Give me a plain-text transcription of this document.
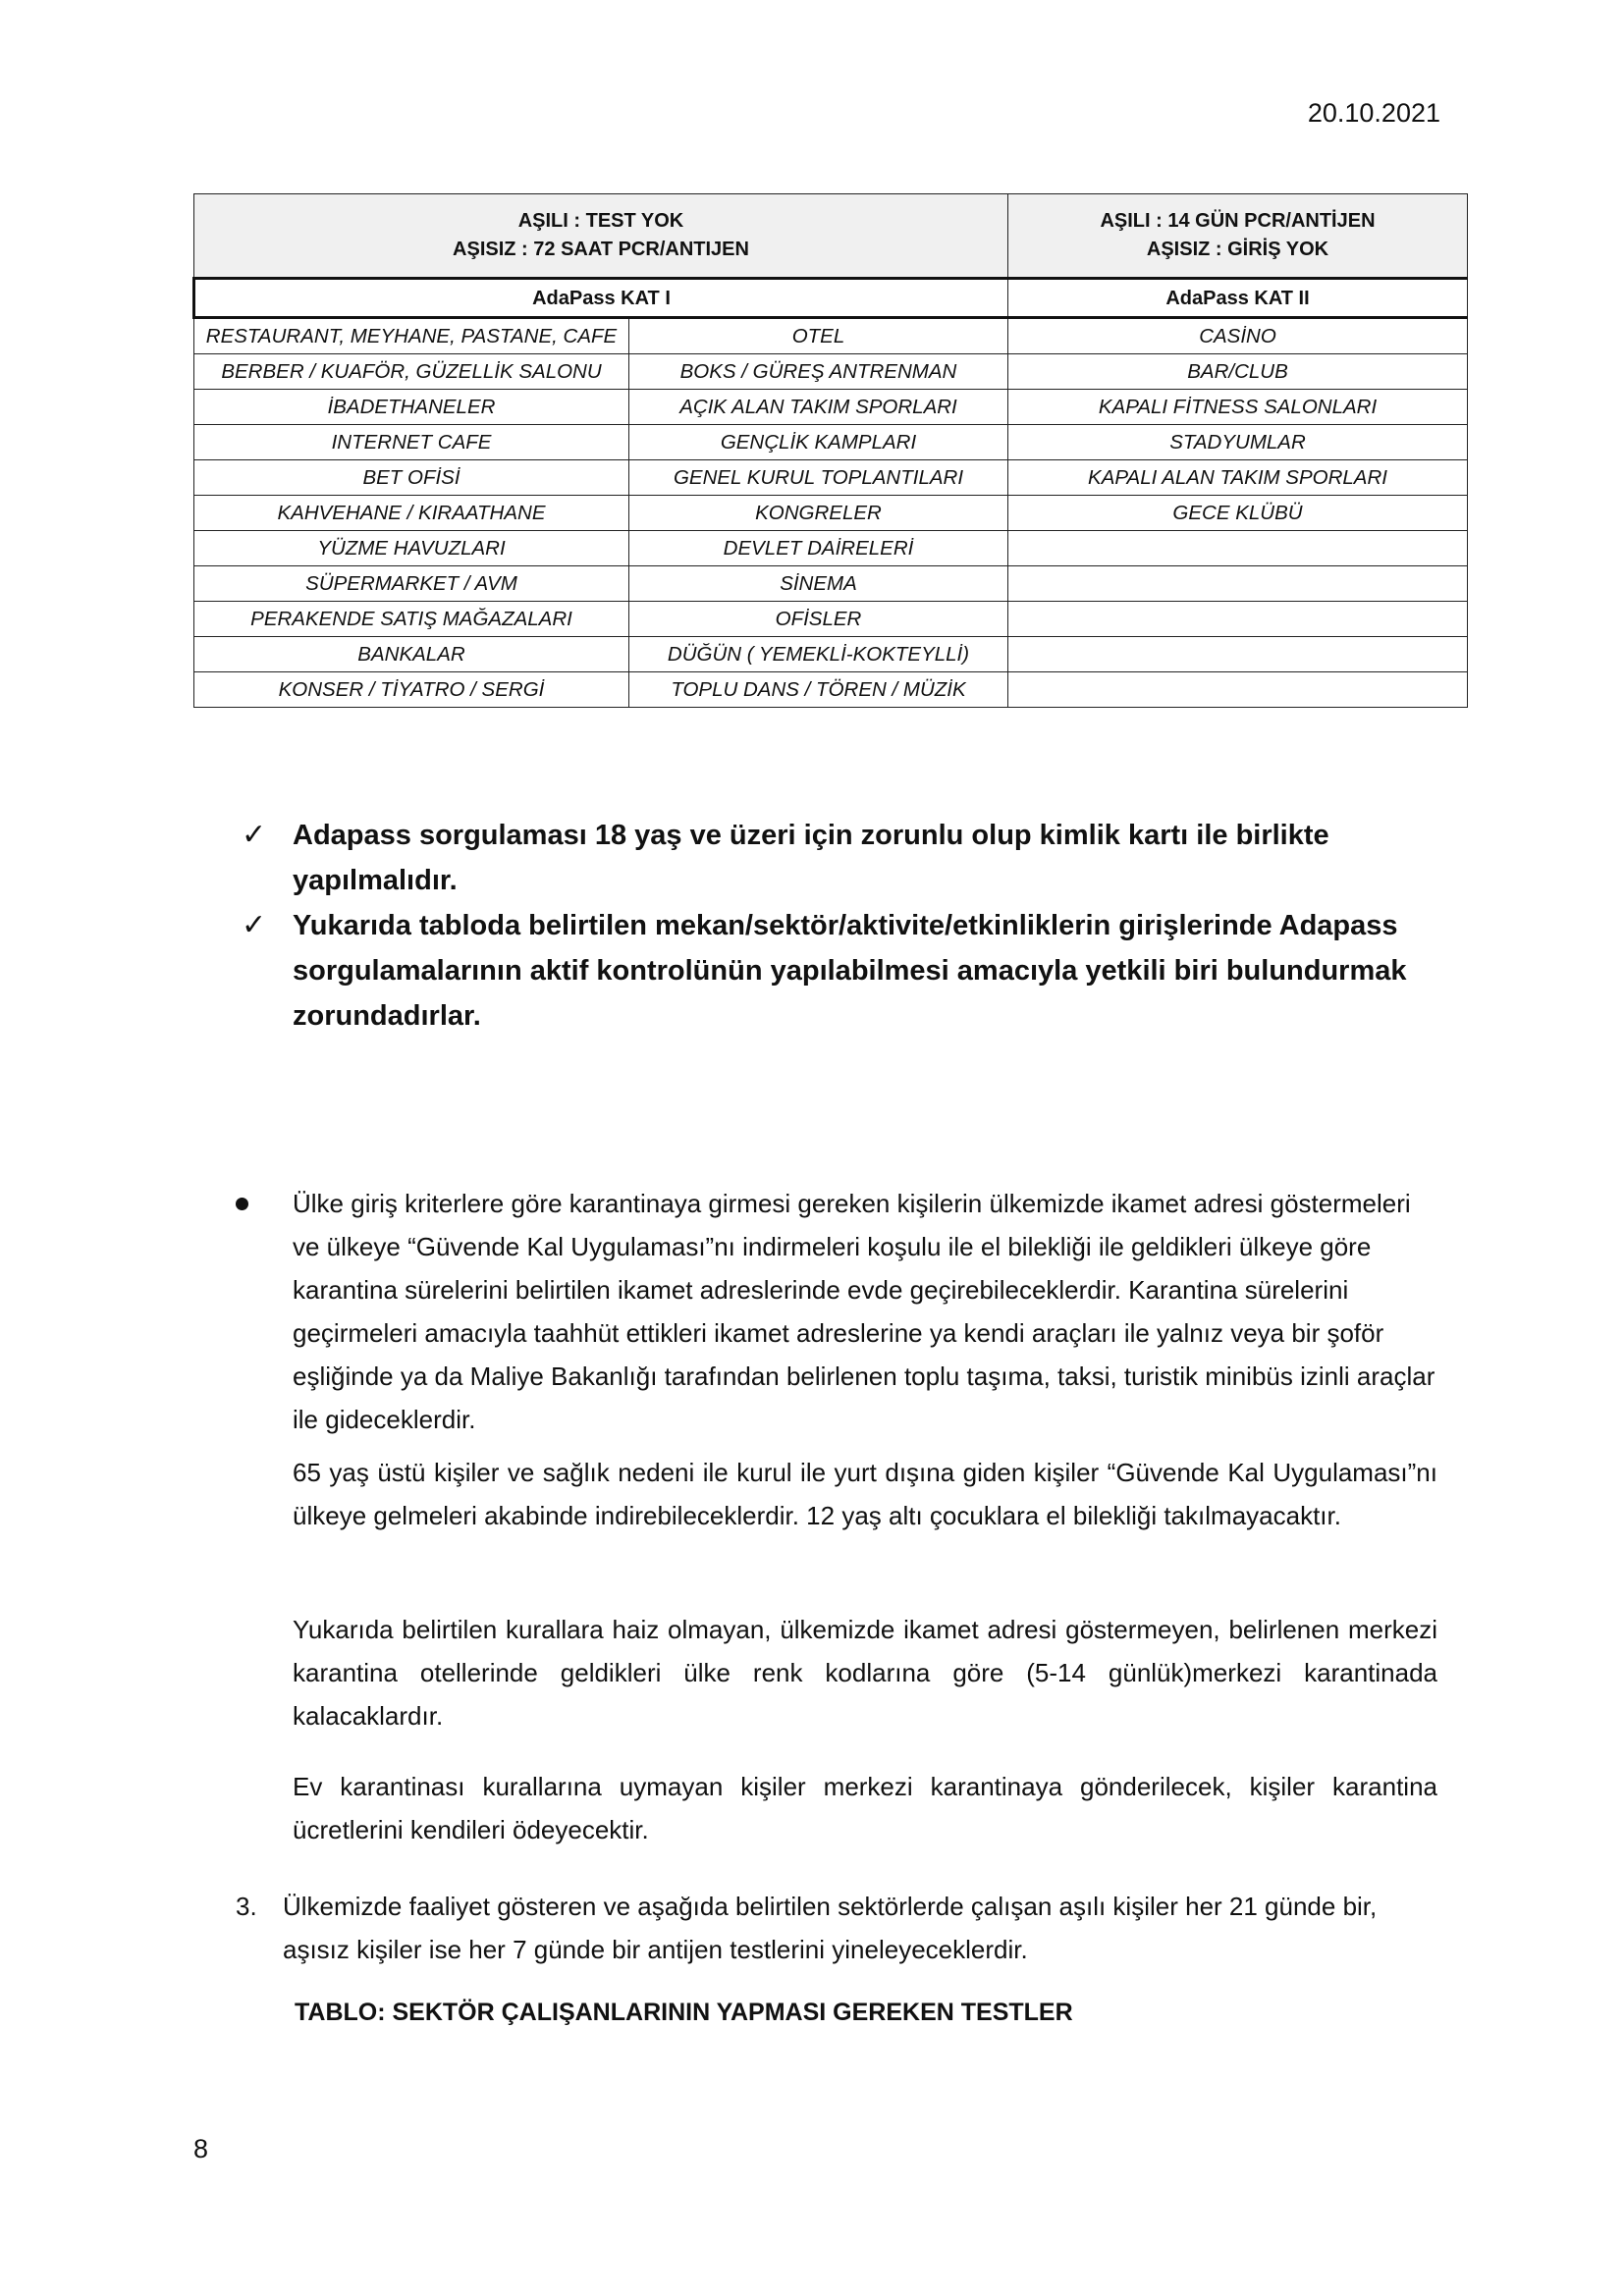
20.10.2021
AŞILI : TEST YOK
AŞISIZ : 72 SAAT PCR/ANTIJEN

AŞILI : 14 GÜN PCR/ANTİJEN
AŞISIZ : GİRİŞ YOK

AdaPass KAT I		AdaPass KAT II
RESTAURANT, MEYHANE, PASTANE, CAFE	OTEL	CASİNO
BERBER / KUAFÖR, GÜZELLİK SALONU	BOKS / GÜREŞ ANTRENMAN	BAR/CLUB
İBADETHANELER	AÇIK ALAN TAKIM SPORLARI	KAPALI FİTNESS SALONLARI
INTERNET CAFE	GENÇLİK KAMPLARI	STADYUMLAR
BET OFİSİ	GENEL KURUL TOPLANTILARI	KAPALI ALAN TAKIM SPORLARI
KAHVEHANE / KIRAATHANE	KONGRELER	GECE KLÜBÜ
YÜZME HAVUZLARI	DEVLET DAİRELERİ	
SÜPERMARKET / AVM	SİNEMA	
PERAKENDE SATIŞ MAĞAZALARI	OFİSLER	
BANKALAR	DÜĞÜN ( YEMEKLİ-KOKTEYLLİ)	
KONSER / TİYATRO / SERGİ	TOPLU DANS / TÖREN / MÜZİK	

✓ Adapass sorgulaması 18 yaş ve üzeri için zorunlu olup kimlik kartı ile birlikte yapılmalıdır.

✓ Yukarıda tabloda belirtilen mekan/sektör/aktivite/etkinliklerin girişlerinde Adapass sorgulamalarının aktif kontrolünün yapılabilmesi amacıyla yetkili biri bulundurmak zorundadırlar.

Ülke giriş kriterlere göre karantinaya girmesi gereken kişilerin ülkemizde ikamet adresi göstermeleri ve ülkeye “Güvende Kal Uygulaması”nı indirmeleri koşulu ile el bilekliği ile geldikleri ülkeye göre karantina sürelerini belirtilen ikamet adreslerinde evde geçirebileceklerdir. Karantina sürelerini geçirmeleri amacıyla taahhüt ettikleri ikamet adreslerine ya kendi araçları ile yalnız veya bir şoför eşliğinde ya da Maliye Bakanlığı tarafından belirlenen toplu taşıma, taksi, turistik minibüs izinli araçlar ile gideceklerdir.

65 yaş üstü kişiler ve sağlık nedeni ile kurul ile yurt dışına giden kişiler “Güvende Kal Uygulaması”nı ülkeye gelmeleri akabinde indirebileceklerdir. 12 yaş altı çocuklara el bilekliği takılmayacaktır.

Yukarıda belirtilen kurallara haiz olmayan, ülkemizde ikamet adresi göstermeyen, belirlenen merkezi karantina otellerinde geldikleri ülke renk kodlarına göre (5-14 günlük)merkezi karantinada kalacaklardır.

Ev karantinası kurallarına uymayan kişiler merkezi karantinaya gönderilecek, kişiler karantina ücretlerini kendileri ödeyecektir.

3. Ülkemizde faaliyet gösteren ve aşağıda belirtilen sektörlerde çalışan aşılı kişiler her 21 günde bir, aşısız kişiler ise her 7 günde bir antijen testlerini yineleyeceklerdir.
TABLO: SEKTÖR ÇALIŞANLARININ YAPMASI GEREKEN TESTLER
8
